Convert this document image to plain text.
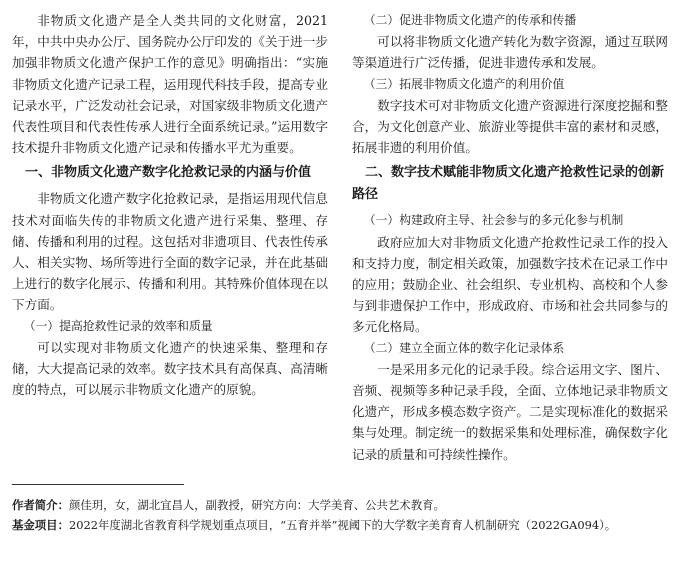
非物质文化遗产是全人类共同的文化财富，2021年，中共中央办公厅、国务院办公厅印发的《关于进一步加强非物质文化遗产保护工作的意见》明确指出：“实施非物质文化遗产记录工程，运用现代科技手段，提高专业记录水平，广泛发动社会记录，对国家级非物质文化遗产代表性项目和代表性传承人进行全面系统记录。”运用数字技术提升非物质文化遗产记录和传播水平尤为重要。

一、非物质文化遗产数字化抢救记录的内涵与价值

非物质文化遗产数字化抢救记录，是指运用现代信息技术对面临失传的非物质文化遗产进行采集、整理、存储、传播和利用的过程。这包括对非遗项目、代表性传承人、相关实物、场所等进行全面的数字记录，并在此基础上进行的数字化展示、传播和利用。其特殊价值体现在以下方面。

（一）提高抢救性记录的效率和质量

可以实现对非物质文化遗产的快速采集、整理和存储，大大提高记录的效率。数字技术具有高保真、高清晰度的特点，可以展示非物质文化遗产的原貌。

（二）促进非物质文化遗产的传承和传播

可以将非物质文化遗产转化为数字资源，通过互联网等渠道进行广泛传播，促进非遗传承和发展。

（三）拓展非物质文化遗产的利用价值

数字技术可对非物质文化遗产资源进行深度挖掘和整合，为文化创意产业、旅游业等提供丰富的素材和灵感，拓展非遗的利用价值。

二、数字技术赋能非物质文化遗产抢救性记录的创新路径

（一）构建政府主导、社会参与的多元化参与机制

政府应加大对非物质文化遗产抢救性记录工作的投入和支持力度，制定相关政策，加强数字技术在记录工作中的应用；鼓励企业、社会组织、专业机构、高校和个人参与到非遗保护工作中，形成政府、市场和社会共同参与的多元化格局。

（二）建立全面立体的数字化记录体系

一是采用多元化的记录手段。综合运用文字、图片、音频、视频等多种记录手段，全面、立体地记录非物质文化遗产，形成多模态数字资产。二是实现标准化的数据采集与处理。制定统一的数据采集和处理标准，确保数字化记录的质量和可持续性操作。

作者简介：颜佳玥，女，湖北宜昌人，副教授，研究方向：大学美育、公共艺术教育。
基金项目：2022年度湖北省教育科学规划重点项目，“五育并举”视阈下的大学数字美育育人机制研究（2022GA094）。
